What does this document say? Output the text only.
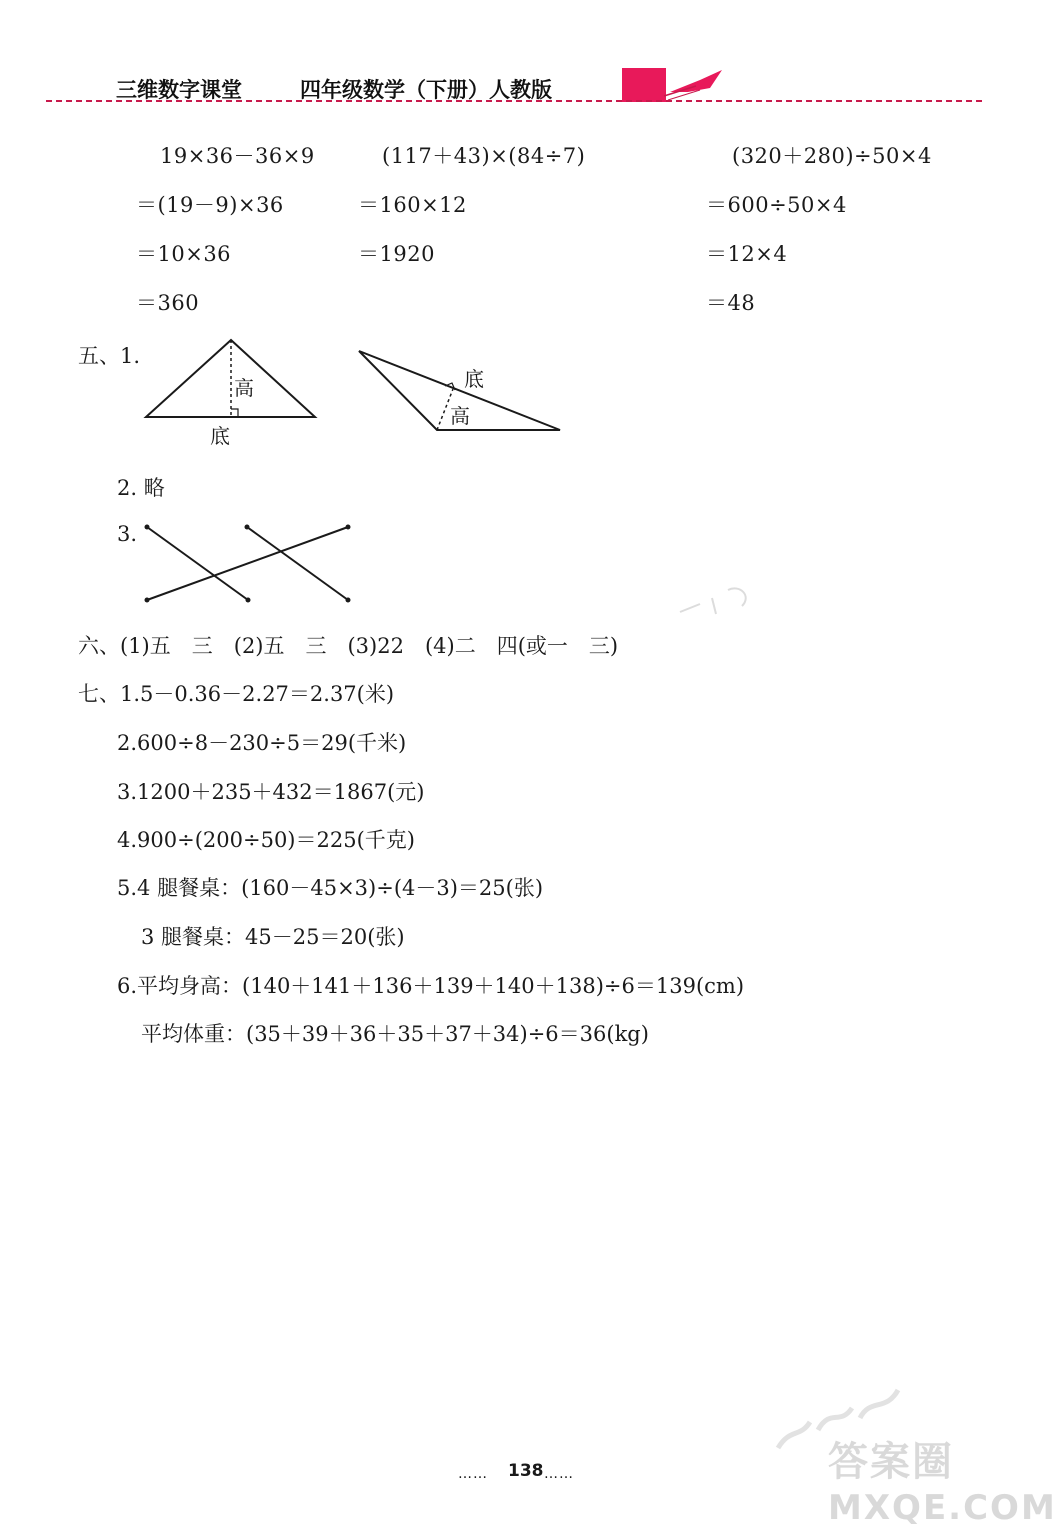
三维数字课堂	四年级数学（下册）人教版
19×36－36×9
＝(19－9)×36
＝10×36
＝360
(117＋43)×(84÷7)
＝160×12
＝1920
(320＋280)÷50×4
＝600÷50×4
＝12×4
＝48
五、1.
高
底
底
高
2. 略
3.
六、(1)五　三　(2)五　三　(3)22　(4)二　四(或一　三)
七、1.5－0.36－2.27＝2.37(米)
2.600÷8－230÷5＝29(千米)
3.1200＋235＋432＝1867(元)
4.900÷(200÷50)＝225(千克)
5.4 腿餐桌：(160－45×3)÷(4－3)＝25(张)
3 腿餐桌：45－25＝20(张)
6.平均身高：(140＋141＋136＋139＋140＋138)÷6＝139(cm)
平均体重：(35＋39＋36＋35＋37＋34)÷6＝36(kg)
…… 138 ……	答案圈
MXQE.COM
